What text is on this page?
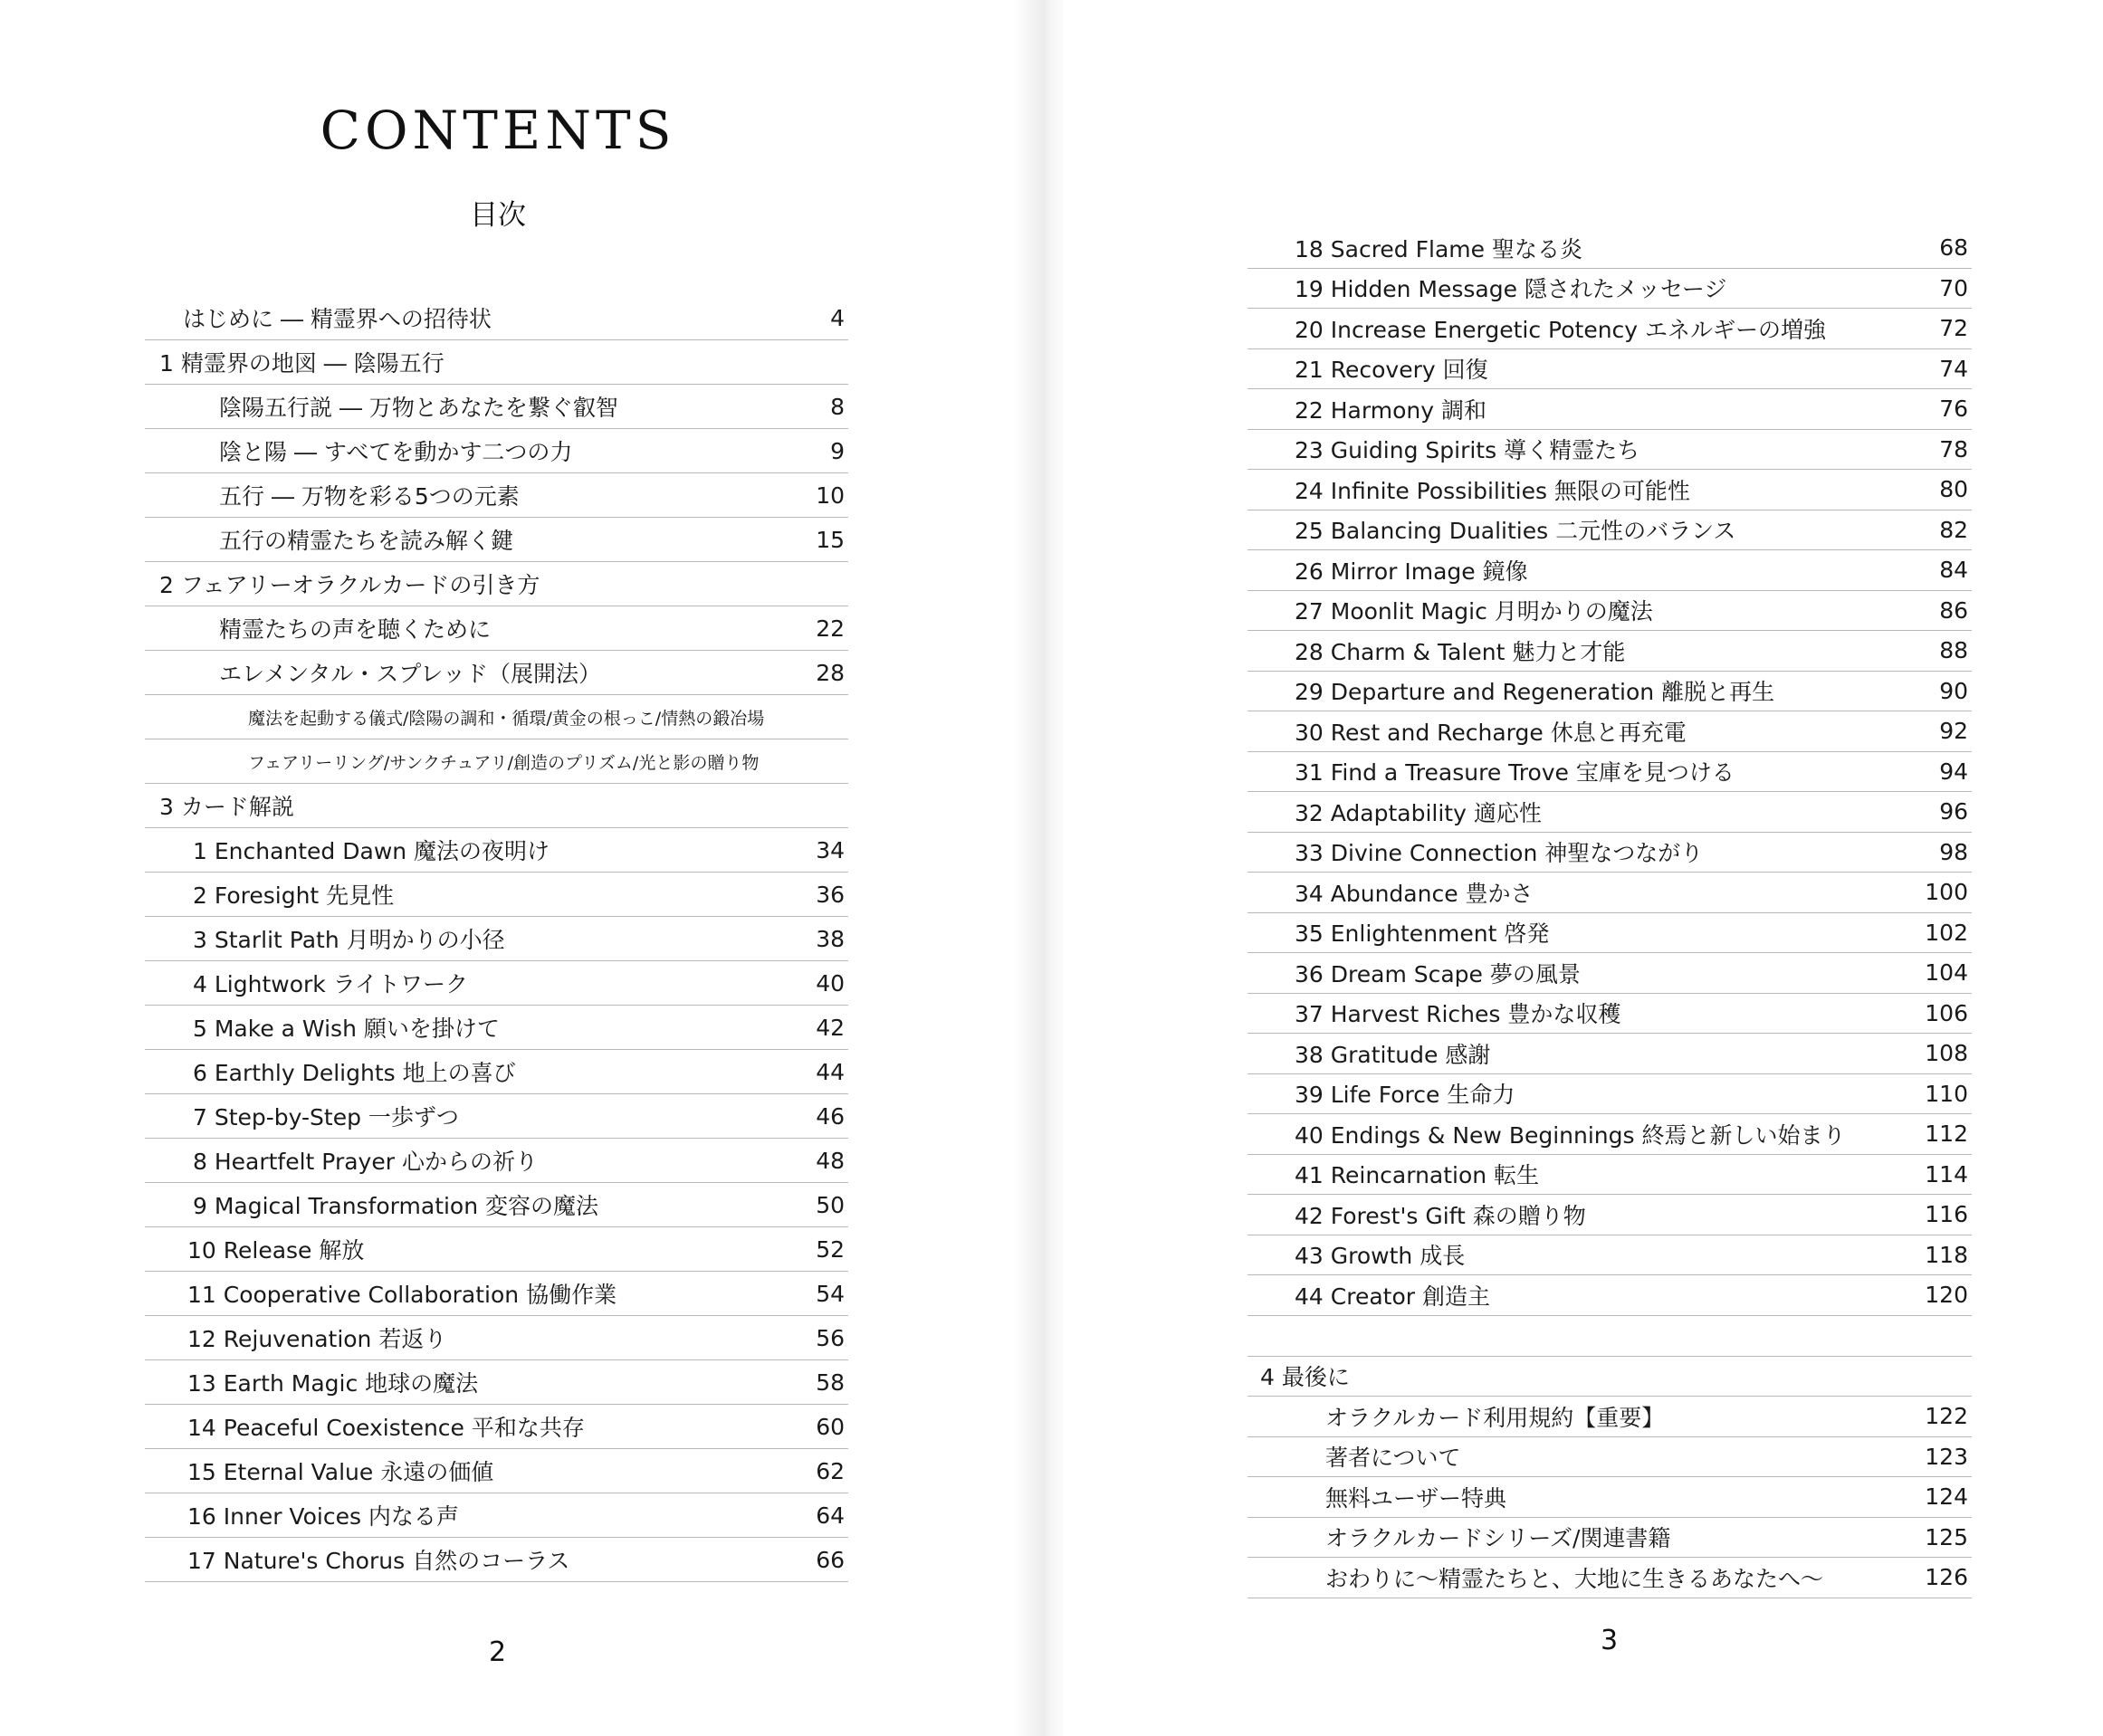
CONTENTS
目次
はじめに ― 精霊界への招待状	4
1 精霊界の地図 ― 陰陽五行
陰陽五行説 ― 万物とあなたを繋ぐ叡智	8
陰と陽 ― すべてを動かす二つの力	9
五行 ― 万物を彩る5つの元素	10
五行の精霊たちを読み解く鍵	15
2 フェアリーオラクルカードの引き方
精霊たちの声を聴くために	22
エレメンタル・スプレッド（展開法）	28
魔法を起動する儀式/陰陽の調和・循環/黄金の根っこ/情熱の鍛冶場
フェアリーリング/サンクチュアリ/創造のプリズム/光と影の贈り物
3 カード解説
1 Enchanted Dawn 魔法の夜明け	34
2 Foresight 先見性	36
3 Starlit Path 月明かりの小径	38
4 Lightwork ライトワーク	40
5 Make a Wish 願いを掛けて	42
6 Earthly Delights 地上の喜び	44
7 Step-by-Step 一歩ずつ	46
8 Heartfelt Prayer 心からの祈り	48
9 Magical Transformation 変容の魔法	50
10 Release 解放	52
11 Cooperative Collaboration 協働作業	54
12 Rejuvenation 若返り	56
13 Earth Magic 地球の魔法	58
14 Peaceful Coexistence 平和な共存	60
15 Eternal Value 永遠の価値	62
16 Inner Voices 内なる声	64
17 Nature's Chorus 自然のコーラス	66
2	3
18 Sacred Flame 聖なる炎	68
19 Hidden Message 隠されたメッセージ	70
20 Increase Energetic Potency エネルギーの増強	72
21 Recovery 回復	74
22 Harmony 調和	76
23 Guiding Spirits 導く精霊たち	78
24 Infinite Possibilities 無限の可能性	80
25 Balancing Dualities 二元性のバランス	82
26 Mirror Image 鏡像	84
27 Moonlit Magic 月明かりの魔法	86
28 Charm & Talent 魅力と才能	88
29 Departure and Regeneration 離脱と再生	90
30 Rest and Recharge 休息と再充電	92
31 Find a Treasure Trove 宝庫を見つける	94
32 Adaptability 適応性	96
33 Divine Connection 神聖なつながり	98
34 Abundance 豊かさ	100
35 Enlightenment 啓発	102
36 Dream Scape 夢の風景	104
37 Harvest Riches 豊かな収穫	106
38 Gratitude 感謝	108
39 Life Force 生命力	110
40 Endings & New Beginnings 終焉と新しい始まり	112
41 Reincarnation 転生	114
42 Forest's Gift 森の贈り物	116
43 Growth 成長	118
44 Creator 創造主	120
4 最後に
オラクルカード利用規約【重要】	122
著者について	123
無料ユーザー特典	124
オラクルカードシリーズ/関連書籍	125
おわりに〜精霊たちと、大地に生きるあなたへ〜	126
